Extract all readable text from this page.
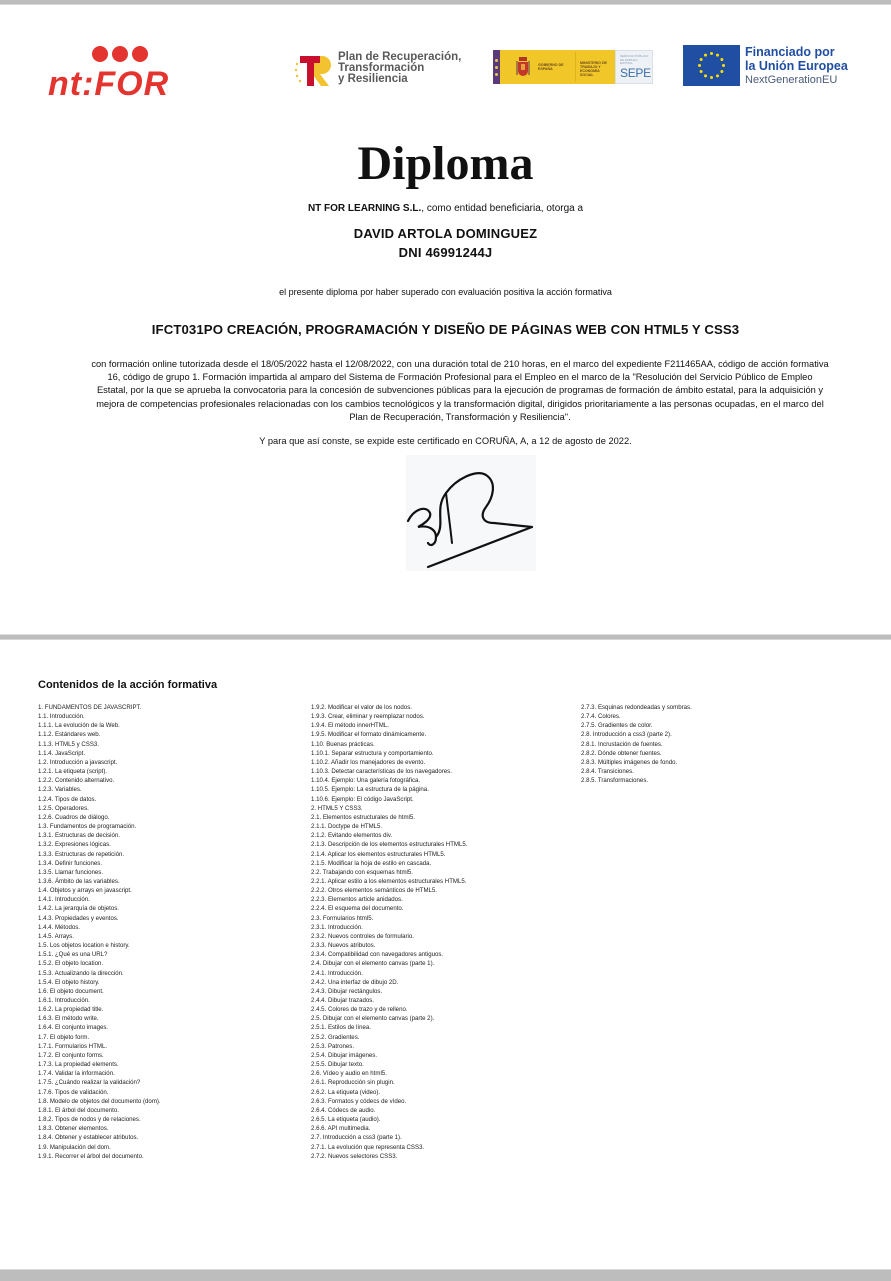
nt:FOR
Plan de Recuperación,
Transformación
y Resiliencia
GOBIERNO DE ESPAÑA
MINISTERIO DE TRABAJO Y ECONOMÍA SOCIAL
SERVICIO PÚBLICO DE EMPLEO ESTATAL
SEPE
Financiado por
la Unión Europea
NextGenerationEU
Diploma
NT FOR LEARNING S.L., como entidad beneficiaria, otorga a
DAVID ARTOLA DOMINGUEZ
DNI 46991244J
el presente diploma por haber superado con evaluación positiva la acción formativa
IFCT031PO CREACIÓN, PROGRAMACIÓN Y DISEÑO DE PÁGINAS WEB CON HTML5 Y CSS3
con formación online tutorizada desde el 18/05/2022 hasta el 12/08/2022, con una duración total de 210 horas, en el marco del expediente F211465AA, código de acción formativa
16, código de grupo 1. Formación impartida al amparo del Sistema de Formación Profesional para el Empleo en el marco de la "Resolución del Servicio Público de Empleo
Estatal, por la que se aprueba la convocatoria para la concesión de subvenciones públicas para la ejecución de programas de formación de ámbito estatal, para la adquisición y
mejora de competencias profesionales relacionadas con los cambios tecnológicos y la transformación digital, dirigidos prioritariamente a las personas ocupadas, en el marco del
Plan de Recuperación, Transformación y Resiliencia".
Y para que así conste, se expide este certificado en CORUÑA, A, a 12 de agosto de 2022.
Contenidos de la acción formativa
1. FUNDAMENTOS DE JAVASCRIPT.
1.1. Introducción.
1.1.1. La evolución de la Web.
1.1.2. Estándares web.
1.1.3. HTML5 y CSS3.
1.1.4. JavaScript.
1.2. Introducción a javascript.
1.2.1. La etiqueta (script).
1.2.2. Contenido alternativo.
1.2.3. Variables.
1.2.4. Tipos de datos.
1.2.5. Operadores.
1.2.6. Cuadros de diálogo.
1.3. Fundamentos de programación.
1.3.1. Estructuras de decisión.
1.3.2. Expresiones lógicas.
1.3.3. Estructuras de repetición.
1.3.4. Definir funciones.
1.3.5. Llamar funciones.
1.3.6. Ámbito de las variables.
1.4. Objetos y arrays en javascript.
1.4.1. Introducción.
1.4.2. La jerarquía de objetos.
1.4.3. Propiedades y eventos.
1.4.4. Métodos.
1.4.5. Arrays.
1.5. Los objetos location e history.
1.5.1. ¿Qué es una URL?
1.5.2. El objeto location.
1.5.3. Actualizando la dirección.
1.5.4. El objeto history.
1.6. El objeto document.
1.6.1. Introducción.
1.6.2. La propiedad title.
1.6.3. El método write.
1.6.4. El conjunto images.
1.7. El objeto form.
1.7.1. Formularios HTML.
1.7.2. El conjunto forms.
1.7.3. La propiedad elements.
1.7.4. Validar la información.
1.7.5. ¿Cuándo realizar la validación?
1.7.6. Tipos de validación.
1.8. Modelo de objetos del documento (dom).
1.8.1. El árbol del documento.
1.8.2. Tipos de nodos y de relaciones.
1.8.3. Obtener elementos.
1.8.4. Obtener y establecer atributos.
1.9. Manipulación del dom.
1.9.1. Recorrer el árbol del documento.
1.9.2. Modificar el valor de los nodos.
1.9.3. Crear, eliminar y reemplazar nodos.
1.9.4. El método innerHTML.
1.9.5. Modificar el formato dinámicamente.
1.10. Buenas prácticas.
1.10.1. Separar estructura y comportamiento.
1.10.2. Añadir los manejadores de evento.
1.10.3. Detectar características de los navegadores.
1.10.4. Ejemplo: Una galería fotográfica.
1.10.5. Ejemplo: La estructura de la página.
1.10.6. Ejemplo: El código JavaScript.
2. HTML5 Y CSS3.
2.1. Elementos estructurales de html5.
2.1.1. Doctype de HTML5.
2.1.2. Evitando elementos div.
2.1.3. Descripción de los elementos estructurales HTML5.
2.1.4. Aplicar los elementos estructurales HTML5.
2.1.5. Modificar la hoja de estilo en cascada.
2.2. Trabajando con esquemas html5.
2.2.1. Aplicar estilo a los elementos estructurales HTML5.
2.2.2. Otros elementos semánticos de HTML5.
2.2.3. Elementos article anidados.
2.2.4. El esquema del documento.
2.3. Formularios html5.
2.3.1. Introducción.
2.3.2. Nuevos controles de formulario.
2.3.3. Nuevos atributos.
2.3.4. Compatibilidad con navegadores antiguos.
2.4. Dibujar con el elemento canvas (parte 1).
2.4.1. Introducción.
2.4.2. Una interfaz de dibujo 2D.
2.4.3. Dibujar rectángulos.
2.4.4. Dibujar trazados.
2.4.5. Colores de trazo y de relleno.
2.5. Dibujar con el elemento canvas (parte 2).
2.5.1. Estilos de línea.
2.5.2. Gradientes.
2.5.3. Patrones.
2.5.4. Dibujar imágenes.
2.5.5. Dibujar texto.
2.6. Vídeo y audio en html5.
2.6.1. Reproducción sin plugin.
2.6.2. La etiqueta (video).
2.6.3. Formatos y códecs de vídeo.
2.6.4. Códecs de audio.
2.6.5. La etiqueta (audio).
2.6.6. API multimedia.
2.7. Introducción a css3 (parte 1).
2.7.1. La evolución que representa CSS3.
2.7.2. Nuevos selectores CSS3.
2.7.3. Esquinas redondeadas y sombras.
2.7.4. Colores.
2.7.5. Gradientes de color.
2.8. Introducción a css3 (parte 2).
2.8.1. Incrustación de fuentes.
2.8.2. Dónde obtener fuentes.
2.8.3. Múltiples imágenes de fondo.
2.8.4. Transiciones.
2.8.5. Transformaciones.
